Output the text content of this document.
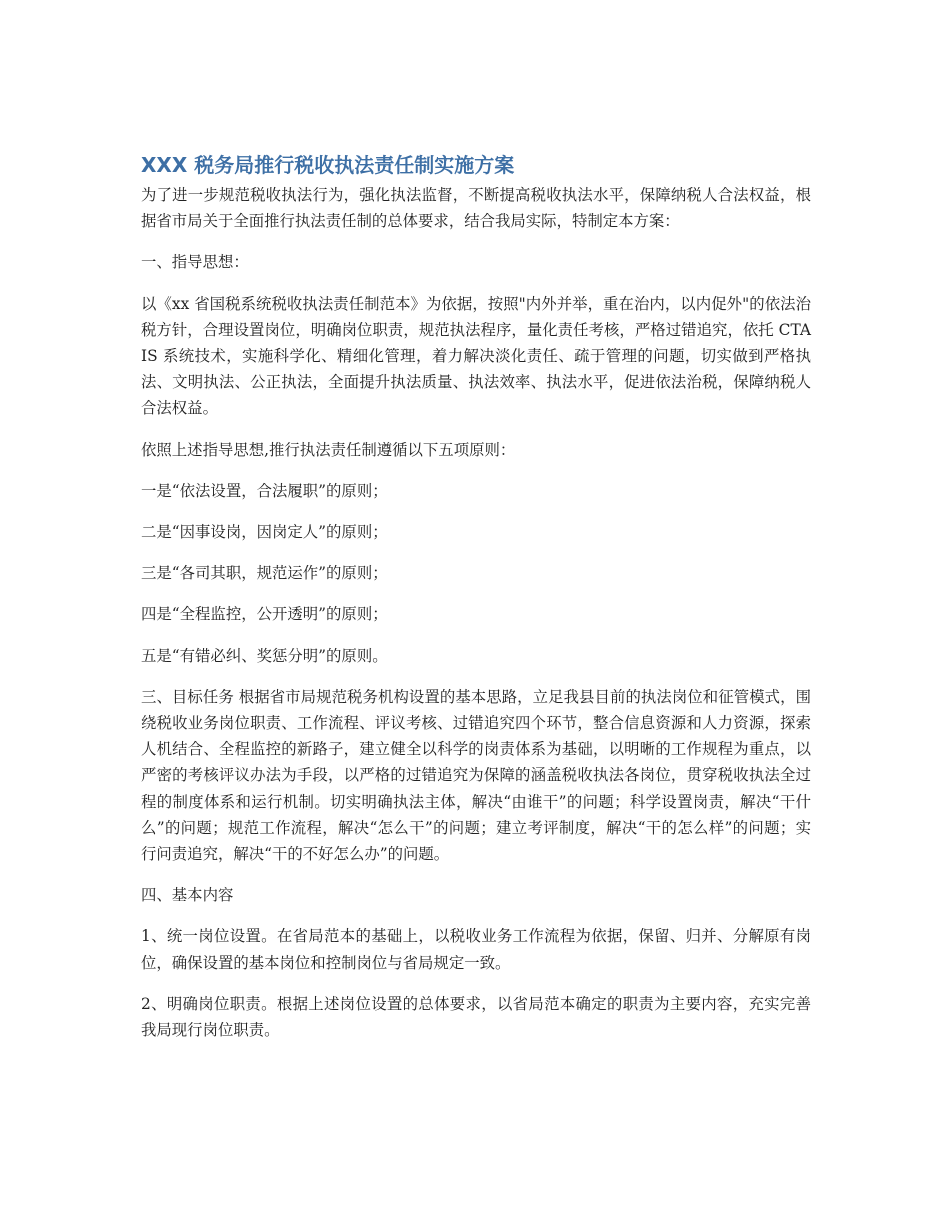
XXX 税务局推行税收执法责任制实施方案

为了进一步规范税收执法行为，强化执法监督，不断提高税收执法水平，保障纳税人合法权益，根据省市局关于全面推行执法责任制的总体要求，结合我局实际，特制定本方案：

一、指导思想：

以《xx 省国税系统税收执法责任制范本》为依据，按照"内外并举，重在治内，以内促外"的依法治税方针，合理设置岗位，明确岗位职责，规范执法程序，量化责任考核，严格过错追究，依托 CTAIS 系统技术，实施科学化、精细化管理，着力解决淡化责任、疏于管理的问题，切实做到严格执法、文明执法、公正执法，全面提升执法质量、执法效率、执法水平，促进依法治税，保障纳税人合法权益。

依照上述指导思想,推行执法责任制遵循以下五项原则：

一是“依法设置，合法履职”的原则；

二是“因事设岗，因岗定人”的原则；

三是“各司其职，规范运作”的原则；

四是“全程监控，公开透明”的原则；

五是“有错必纠、奖惩分明”的原则。

三、目标任务 根据省市局规范税务机构设置的基本思路，立足我县目前的执法岗位和征管模式，围绕税收业务岗位职责、工作流程、评议考核、过错追究四个环节，整合信息资源和人力资源，探索人机结合、全程监控的新路子，建立健全以科学的岗责体系为基础，以明晰的工作规程为重点，以严密的考核评议办法为手段，以严格的过错追究为保障的涵盖税收执法各岗位，贯穿税收执法全过程的制度体系和运行机制。切实明确执法主体，解决“由谁干”的问题；科学设置岗责，解决“干什么”的问题；规范工作流程，解决“怎么干”的问题；建立考评制度，解决“干的怎么样”的问题；实行问责追究，解决“干的不好怎么办”的问题。

四、基本内容

1、统一岗位设置。在省局范本的基础上，以税收业务工作流程为依据，保留、归并、分解原有岗位，确保设置的基本岗位和控制岗位与省局规定一致。

2、明确岗位职责。根据上述岗位设置的总体要求，以省局范本确定的职责为主要内容，充实完善我局现行岗位职责。
